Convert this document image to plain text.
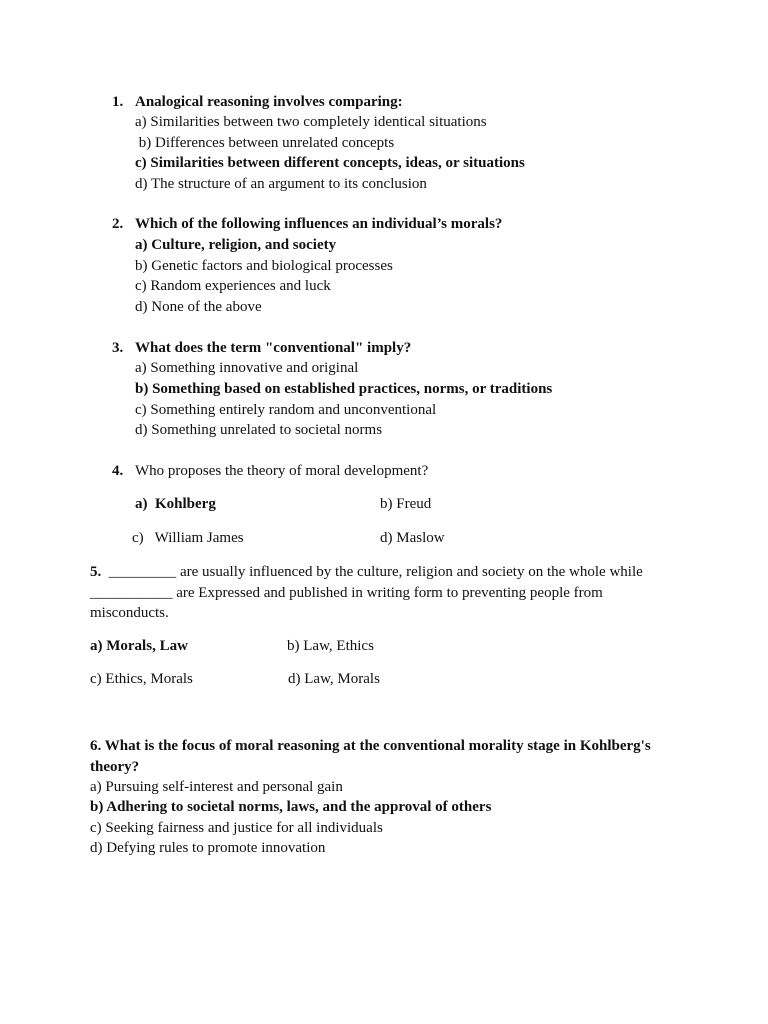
1. Analogical reasoning involves comparing:
a) Similarities between two completely identical situations
b) Differences between unrelated concepts
c) Similarities between different concepts, ideas, or situations
d) The structure of an argument to its conclusion
2. Which of the following influences an individual’s morals?
a) Culture, religion, and society
b) Genetic factors and biological processes
c) Random experiences and luck
d) None of the above
3. What does the term "conventional" imply?
a) Something innovative and original
b) Something based on established practices, norms, or traditions
c) Something entirely random and unconventional
d) Something unrelated to societal norms
4. Who proposes the theory of moral development?
a)  Kohlberg	b) Freud
c)   William James	d) Maslow
5. _________ are usually influenced by the culture, religion and society on the whole while
___________ are Expressed and published in writing form to preventing people from
misconducts.
a) Morals, Law	b) Law, Ethics
c) Ethics, Morals	d) Law, Morals
6. What is the focus of moral reasoning at the conventional morality stage in Kohlberg's
theory?
a) Pursuing self-interest and personal gain
b) Adhering to societal norms, laws, and the approval of others
c) Seeking fairness and justice for all individuals
d) Defying rules to promote innovation
